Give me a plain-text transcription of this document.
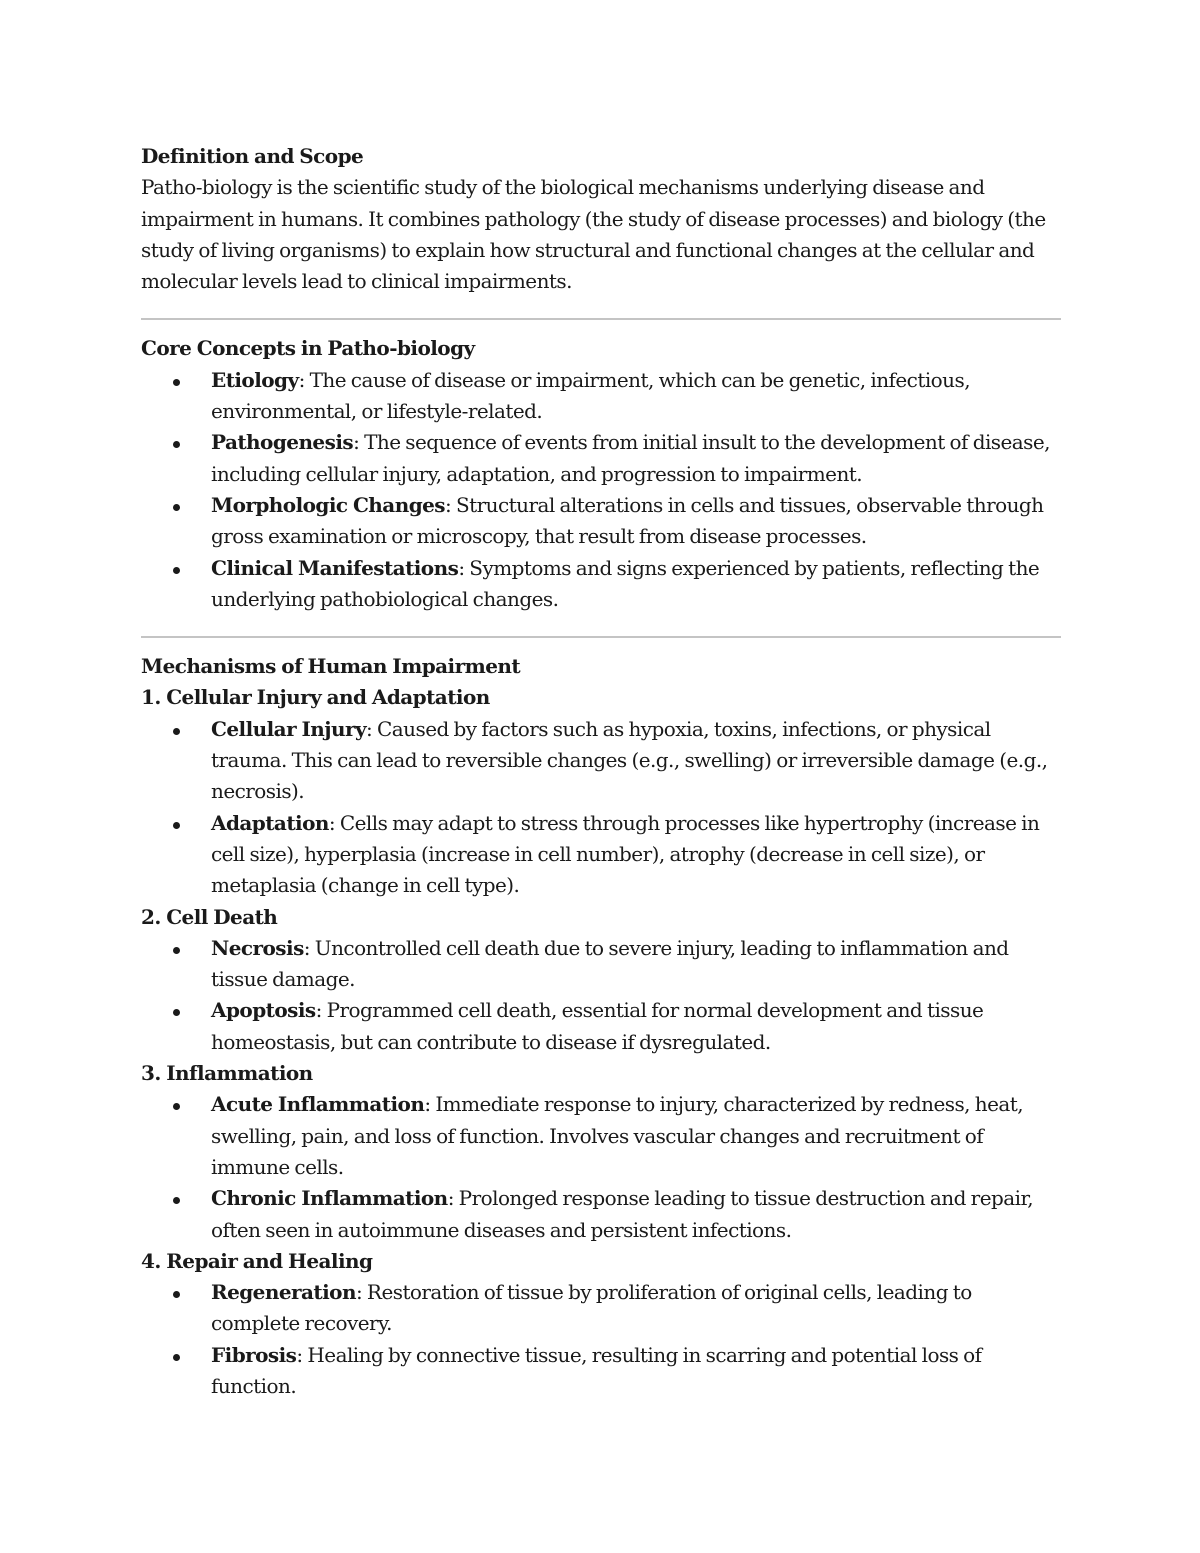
Definition and Scope

Patho-biology is the scientific study of the biological mechanisms underlying disease and impairment in humans. It combines pathology (the study of disease processes) and biology (the study of living organisms) to explain how structural and functional changes at the cellular and molecular levels lead to clinical impairments.

Core Concepts in Patho-biology

Etiology: The cause of disease or impairment, which can be genetic, infectious, environmental, or lifestyle-related.
Pathogenesis: The sequence of events from initial insult to the development of disease, including cellular injury, adaptation, and progression to impairment.
Morphologic Changes: Structural alterations in cells and tissues, observable through gross examination or microscopy, that result from disease processes.
Clinical Manifestations: Symptoms and signs experienced by patients, reflecting the underlying pathobiological changes.

Mechanisms of Human Impairment

1. Cellular Injury and Adaptation

Cellular Injury: Caused by factors such as hypoxia, toxins, infections, or physical trauma. This can lead to reversible changes (e.g., swelling) or irreversible damage (e.g., necrosis).
Adaptation: Cells may adapt to stress through processes like hypertrophy (increase in cell size), hyperplasia (increase in cell number), atrophy (decrease in cell size), or metaplasia (change in cell type).

2. Cell Death

Necrosis: Uncontrolled cell death due to severe injury, leading to inflammation and tissue damage.
Apoptosis: Programmed cell death, essential for normal development and tissue homeostasis, but can contribute to disease if dysregulated.

3. Inflammation

Acute Inflammation: Immediate response to injury, characterized by redness, heat, swelling, pain, and loss of function. Involves vascular changes and recruitment of immune cells.
Chronic Inflammation: Prolonged response leading to tissue destruction and repair, often seen in autoimmune diseases and persistent infections.

4. Repair and Healing

Regeneration: Restoration of tissue by proliferation of original cells, leading to complete recovery.
Fibrosis: Healing by connective tissue, resulting in scarring and potential loss of function.
